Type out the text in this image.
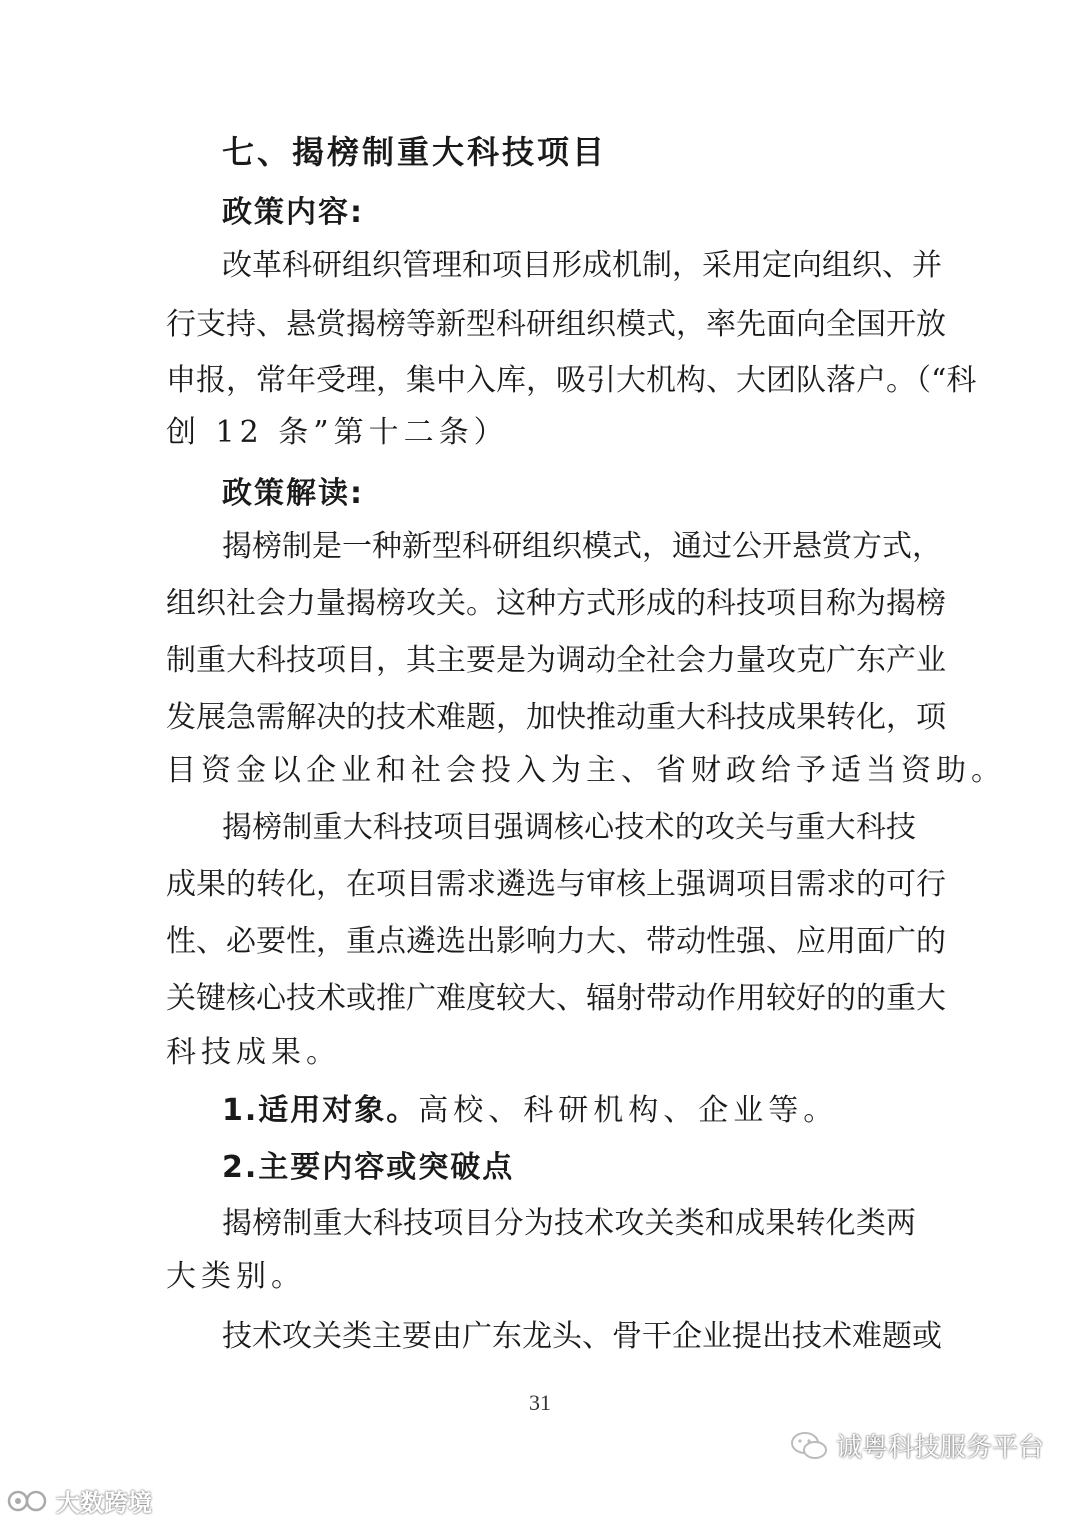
七、揭榜制重大科技项目
政策内容:
改革科研组织管理和项目形成机制，采用定向组织、并
行支持、悬赏揭榜等新型科研组织模式，率先面向全国开放
申报，常年受理，集中入库，吸引大机构、大团队落户。（“科
创 12 条”第十二条）
政策解读:
揭榜制是一种新型科研组织模式，通过公开悬赏方式，
组织社会力量揭榜攻关。这种方式形成的科技项目称为揭榜
制重大科技项目，其主要是为调动全社会力量攻克广东产业
发展急需解决的技术难题，加快推动重大科技成果转化，项
目资金以企业和社会投入为主、省财政给予适当资助。
揭榜制重大科技项目强调核心技术的攻关与重大科技
成果的转化，在项目需求遴选与审核上强调项目需求的可行
性、必要性，重点遴选出影响力大、带动性强、应用面广的
关键核心技术或推广难度较大、辐射带动作用较好的的重大
科技成果。
1.适用对象。高校、科研机构、企业等。
2.主要内容或突破点
揭榜制重大科技项目分为技术攻关类和成果转化类两
大类别。
技术攻关类主要由广东龙头、骨干企业提出技术难题或
31
诚粤科技服务平台
大数跨境
